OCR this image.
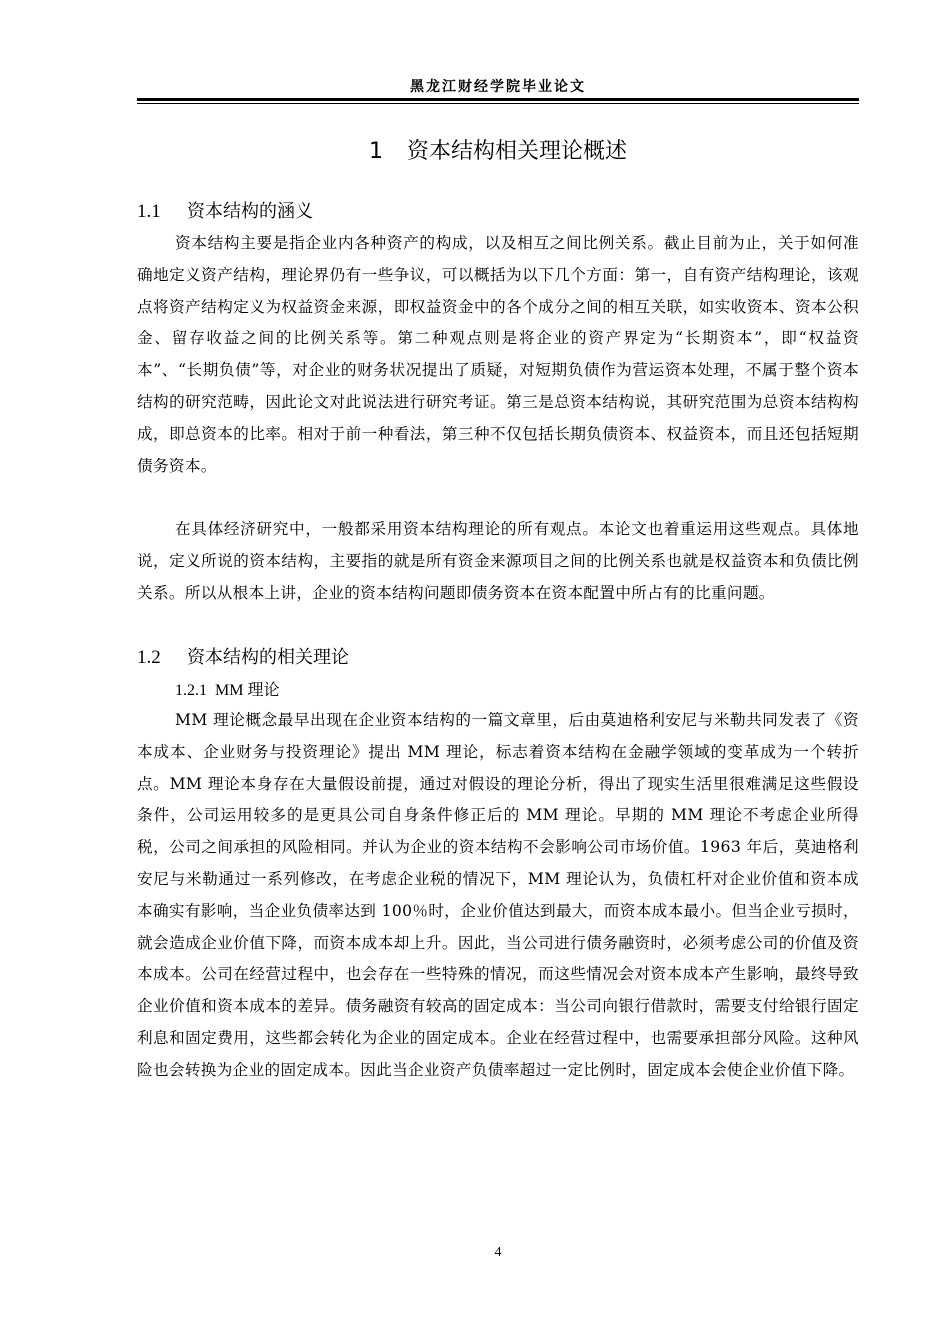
黑龙江财经学院毕业论文
1 资本结构相关理论概述
1.1 资本结构的涵义

资本结构主要是指企业内各种资产的构成，以及相互之间比例关系。截止目前为止，关于如何准确地定义资产结构，理论界仍有一些争议，可以概括为以下几个方面：第一，自有资产结构理论，该观点将资产结构定义为权益资金来源，即权益资金中的各个成分之间的相互关联，如实收资本、资本公积金、留存收益之间的比例关系等。第二种观点则是将企业的资产界定为“长期资本”，即“权益资本”、“长期负债”等，对企业的财务状况提出了质疑，对短期负债作为营运资本处理，不属于整个资本结构的研究范畴，因此论文对此说法进行研究考证。第三是总资本结构说，其研究范围为总资本结构构成，即总资本的比率。相对于前一种看法，第三种不仅包括长期负债资本、权益资本，而且还包括短期债务资本。

在具体经济研究中，一般都采用资本结构理论的所有观点。本论文也着重运用这些观点。具体地说，定义所说的资本结构，主要指的就是所有资金来源项目之间的比例关系也就是权益资本和负债比例关系。所以从根本上讲，企业的资本结构问题即债务资本在资本配置中所占有的比重问题。

1.2 资本结构的相关理论
1.2.1 MM 理论

MM 理论概念最早出现在企业资本结构的一篇文章里，后由莫迪格利安尼与米勒共同发表了《资本成本、企业财务与投资理论》提出 MM 理论，标志着资本结构在金融学领域的变革成为一个转折点。MM 理论本身存在大量假设前提，通过对假设的理论分析，得出了现实生活里很难满足这些假设条件，公司运用较多的是更具公司自身条件修正后的 MM 理论。早期的 MM 理论不考虑企业所得税，公司之间承担的风险相同。并认为企业的资本结构不会影响公司市场价值。1963 年后，莫迪格利安尼与米勒通过一系列修改，在考虑企业税的情况下，MM 理论认为，负债杠杆对企业价值和资本成本确实有影响，当企业负债率达到 100％时，企业价值达到最大，而资本成本最小。但当企业亏损时，就会造成企业价值下降，而资本成本却上升。因此，当公司进行债务融资时，必须考虑公司的价值及资本成本。公司在经营过程中，也会存在一些特殊的情况，而这些情况会对资本成本产生影响，最终导致企业价值和资本成本的差异。债务融资有较高的固定成本：当公司向银行借款时，需要支付给银行固定利息和固定费用，这些都会转化为企业的固定成本。企业在经营过程中，也需要承担部分风险。这种风险也会转换为企业的固定成本。因此当企业资产负债率超过一定比例时，固定成本会使企业价值下降。

4
